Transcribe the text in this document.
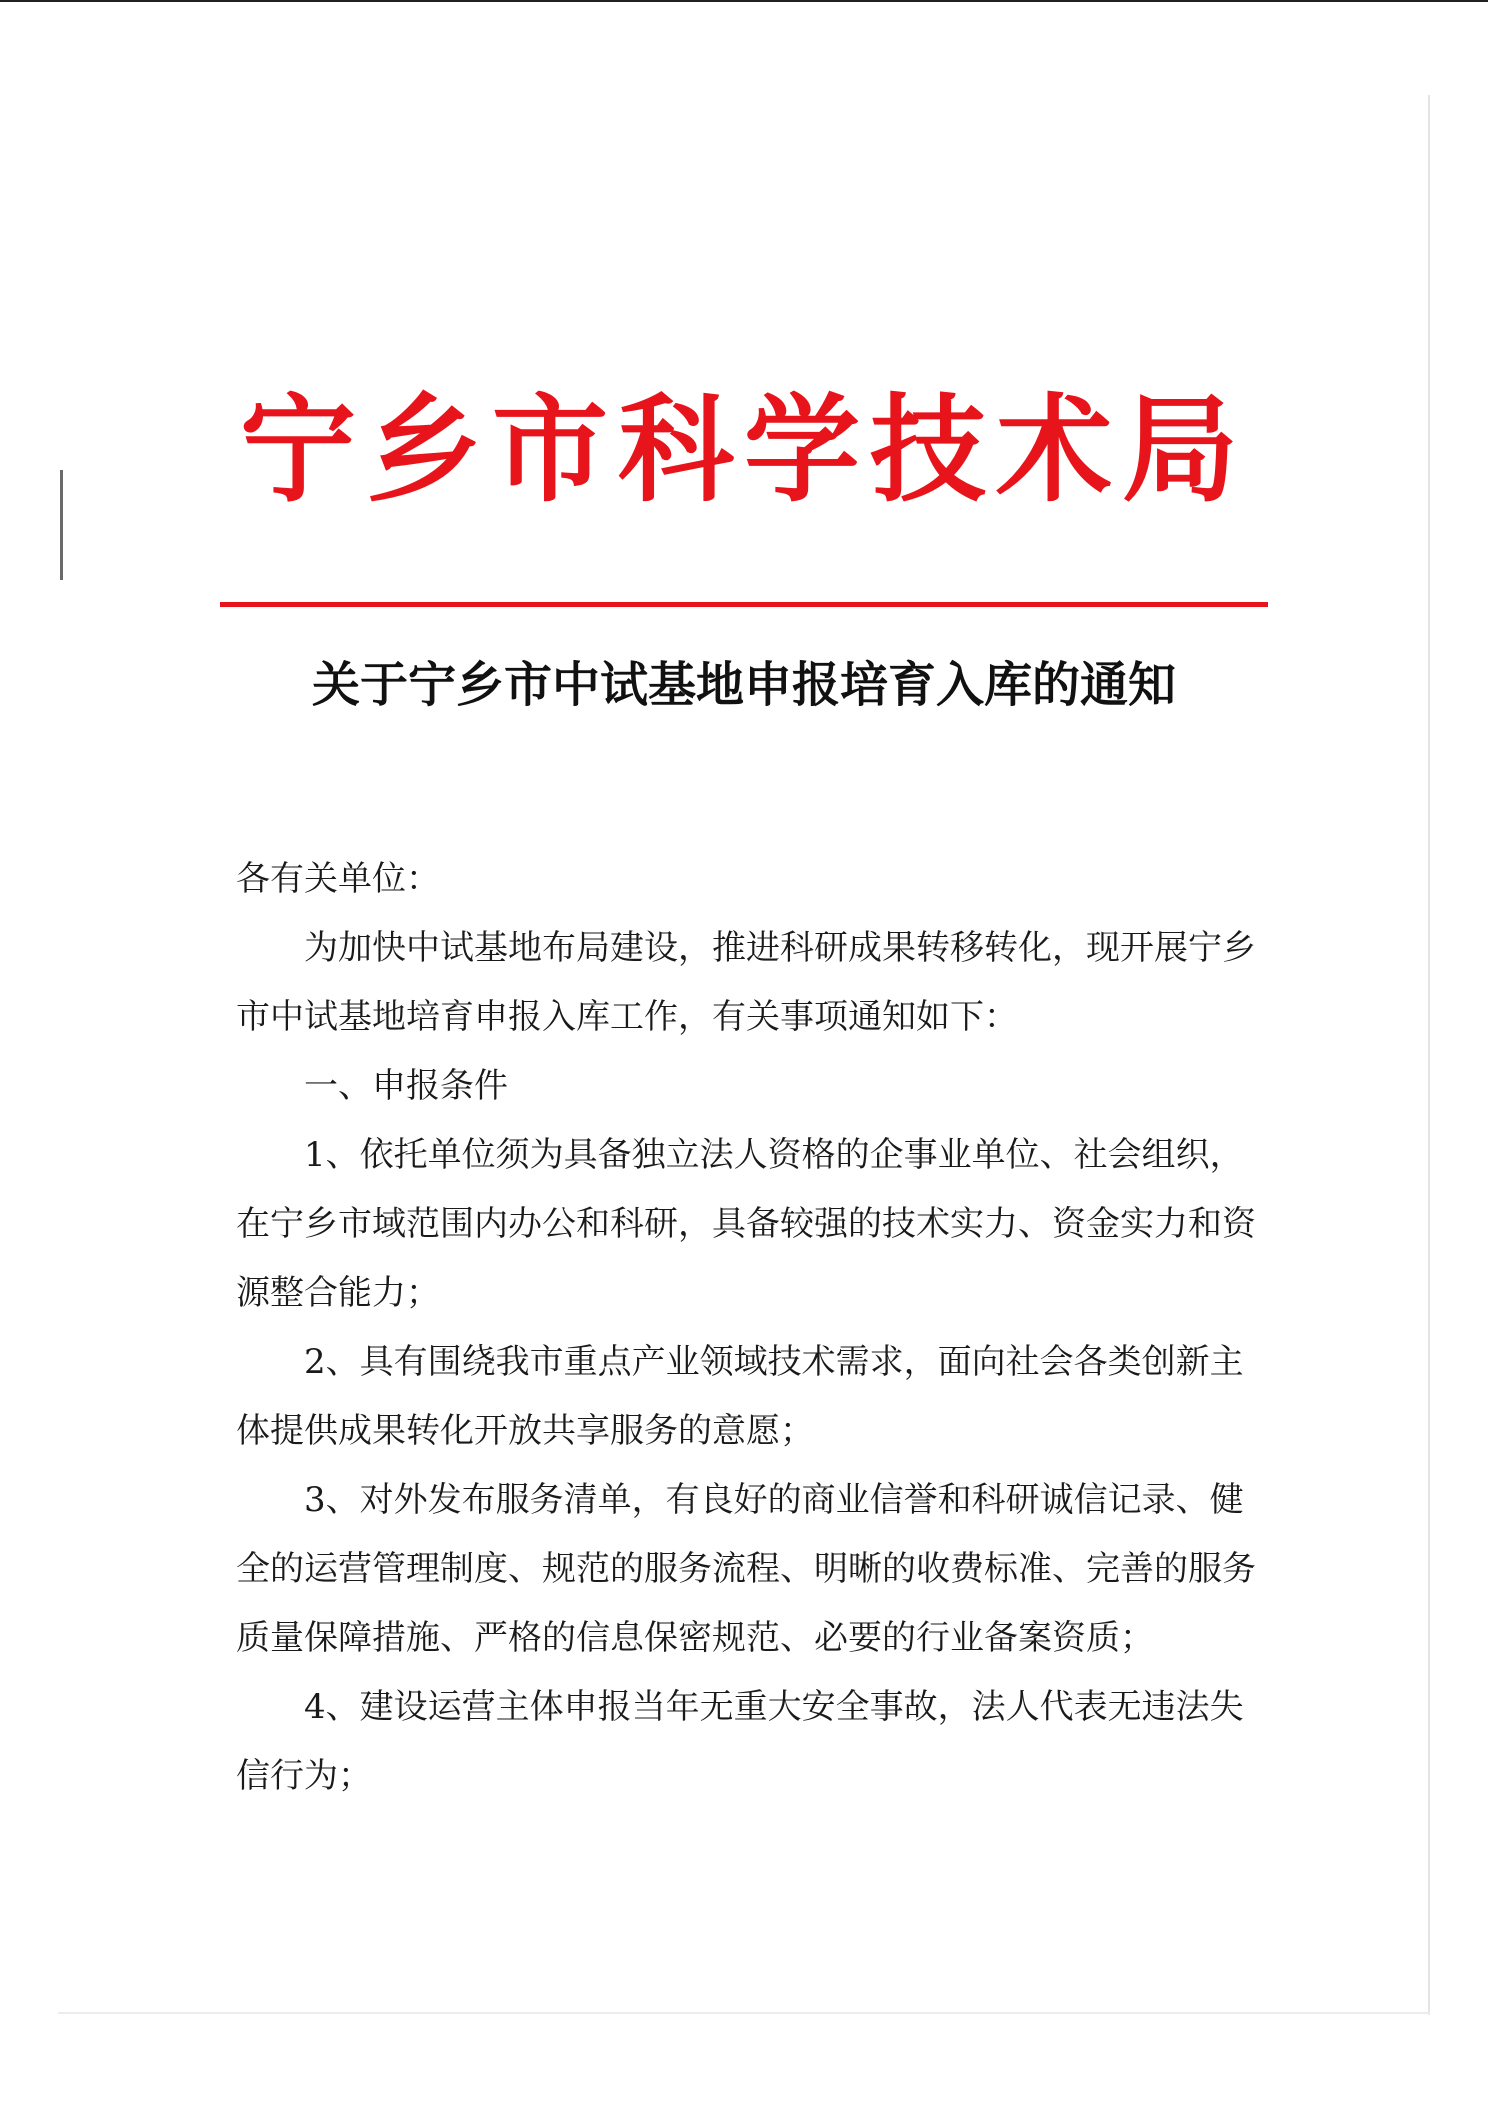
宁乡市科学技术局
关于宁乡市中试基地申报培育入库的通知

各有关单位：

为加快中试基地布局建设，推进科研成果转移转化，现开展宁乡市中试基地培育申报入库工作，有关事项通知如下：

一、申报条件

1、依托单位须为具备独立法人资格的企事业单位、社会组织，在宁乡市域范围内办公和科研，具备较强的技术实力、资金实力和资源整合能力；

2、具有围绕我市重点产业领域技术需求，面向社会各类创新主体提供成果转化开放共享服务的意愿；

3、对外发布服务清单，有良好的商业信誉和科研诚信记录、健全的运营管理制度、规范的服务流程、明晰的收费标准、完善的服务质量保障措施、严格的信息保密规范、必要的行业备案资质；

4、建设运营主体申报当年无重大安全事故，法人代表无违法失信行为；
